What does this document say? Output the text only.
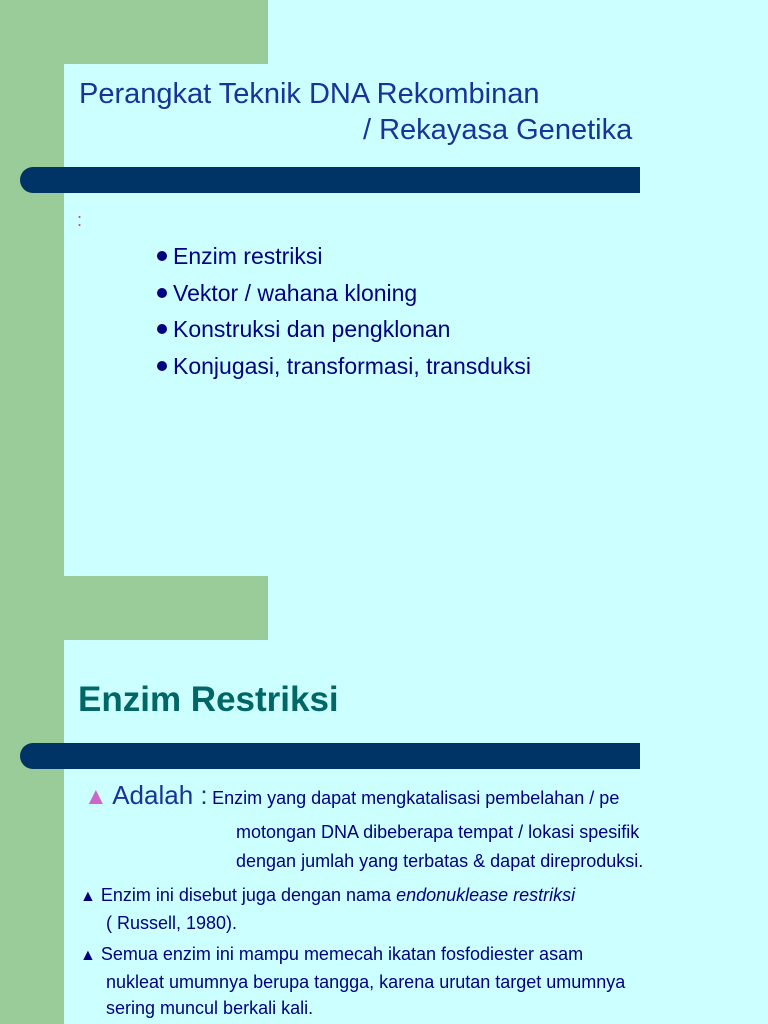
Perangkat Teknik DNA Rekombinan
/ Rekayasa Genetika
:
Enzim restriksi
Vektor / wahana kloning
Konstruksi dan pengklonan
Konjugasi, transformasi, transduksi
Enzim Restriksi
▲ Adalah : Enzim yang dapat mengkatalisasi pembelahan / pe
motongan DNA dibeberapa tempat / lokasi spesifik
dengan jumlah yang terbatas & dapat direproduksi.
▲ Enzim ini disebut juga dengan nama endonuklease restriksi
( Russell, 1980).
▲ Semua enzim ini mampu memecah ikatan fosfodiester asam
nukleat umumnya berupa tangga, karena urutan target umumnya
sering muncul berkali kali.
